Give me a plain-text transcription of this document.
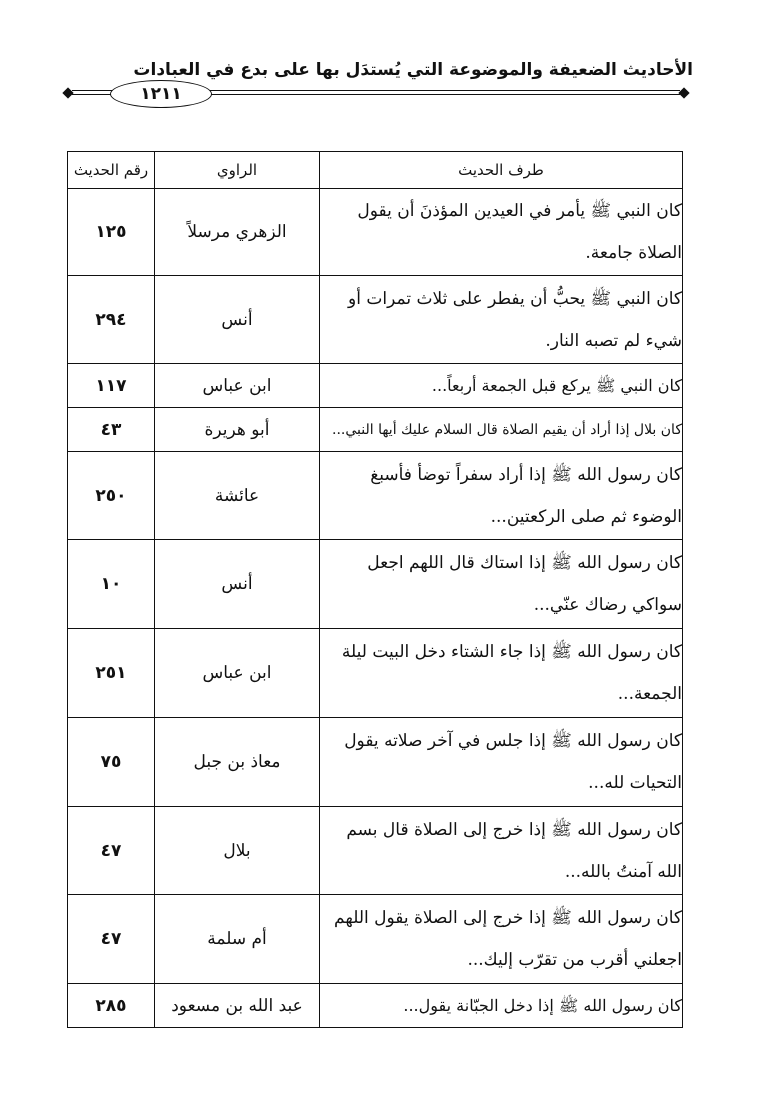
الأحاديث الضعيفة والموضوعة التي يُستدَل بها على بدع في العبادات
١٢١١
طرف الحديث	الراوي	رقم الحديث
كان النبي ﷺ يأمر في العيدين المؤذنَ أن يقول الصلاة جامعة.	الزهري مرسلاً	١٢٥
كان النبي ﷺ يحبُّ أن يفطر على ثلاث تمرات أو شيء لم تصبه النار.	أنس	٢٩٤
كان النبي ﷺ يركع قبل الجمعة أربعاً...	ابن عباس	١١٧
كان بلال إذا أراد أن يقيم الصلاة قال السلام عليك أيها النبي...	أبو هريرة	٤٣
كان رسول الله ﷺ إذا أراد سفراً توضأ فأسبغ الوضوء ثم صلى الركعتين...	عائشة	٢٥٠
كان رسول الله ﷺ إذا استاك قال اللهم اجعل سواكي رضاك عنّي...	أنس	١٠
كان رسول الله ﷺ إذا جاء الشتاء دخل البيت ليلة الجمعة...	ابن عباس	٢٥١
كان رسول الله ﷺ إذا جلس في آخر صلاته يقول التحيات لله...	معاذ بن جبل	٧٥
كان رسول الله ﷺ إذا خرج إلى الصلاة قال بسم الله آمنتُ بالله...	بلال	٤٧
كان رسول الله ﷺ إذا خرج إلى الصلاة يقول اللهم اجعلني أقرب من تقرّب إليك...	أم سلمة	٤٧
كان رسول الله ﷺ إذا دخل الجبّانة يقول...	عبد الله بن مسعود	٢٨٥
